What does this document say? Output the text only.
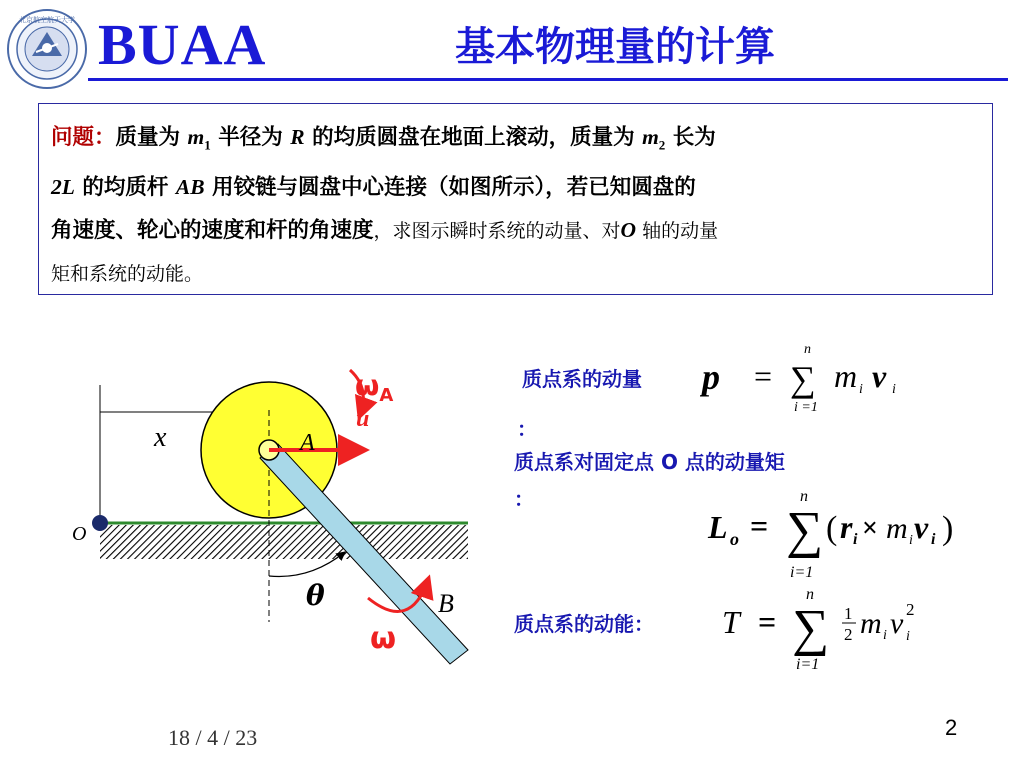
北京航空航天大学 BUAA	基本物理量的计算
问题：质量为 $m_1$ 半径为 R 的均质圆盘在地面上滚动，质量为 $m_2$ 长为
2L 的均质杆 AB 用铰链与圆盘中心连接（如图所示），若已知圆盘的
角速度、轮心的速度和杆的角速度，求图示瞬时系统的动量、对O 轴的动量
矩和系统的动能。
x	A
O
B
θ
$\omega_A$
u
ω
质点系的动量
：
质点系对固定点 O 点的动量矩
：
质点系的动能：
p = ∑
n
i =1
m i v i
L o = ∑
n
i=1
( r i × m i v i )
T = ∑
n
i=1
1
2 m i v 2
i
18 / 4 / 23	2
